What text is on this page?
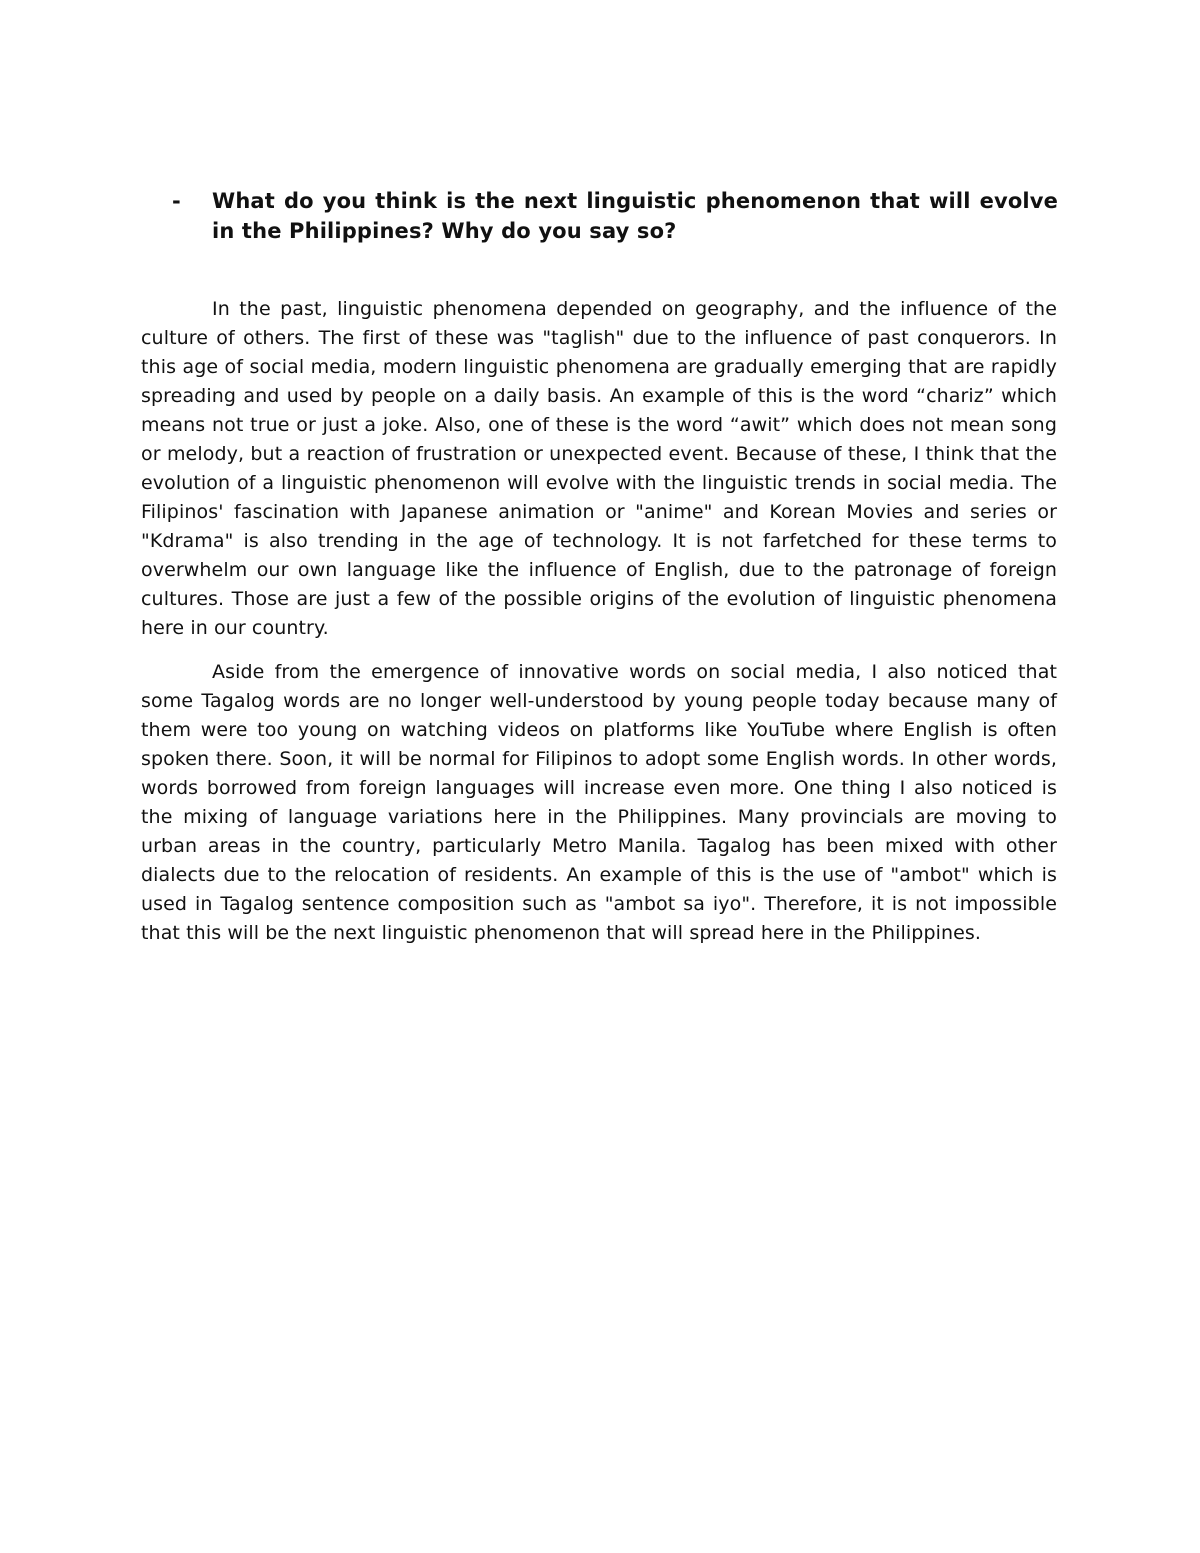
-	What do you think is the next linguistic phenomenon that will evolve in the Philippines? Why do you say so?

In the past, linguistic phenomena depended on geography, and the influence of the culture of others. The first of these was "taglish" due to the influence of past conquerors. In this age of social media, modern linguistic phenomena are gradually emerging that are rapidly spreading and used by people on a daily basis. An example of this is the word “chariz” which means not true or just a joke. Also, one of these is the word “awit” which does not mean song or melody, but a reaction of frustration or unexpected event. Because of these, I think that the evolution of a linguistic phenomenon will evolve with the linguistic trends in social media. The Filipinos' fascination with Japanese animation or "anime" and Korean Movies and series or "Kdrama" is also trending in the age of technology. It is not farfetched for these terms to overwhelm our own language like the influence of English, due to the patronage of foreign cultures. Those are just a few of the possible origins of the evolution of linguistic phenomena here in our country.

Aside from the emergence of innovative words on social media, I also noticed that some Tagalog words are no longer well-understood by young people today because many of them were too young on watching videos on platforms like YouTube where English is often spoken there. Soon, it will be normal for Filipinos to adopt some English words. In other words, words borrowed from foreign languages will increase even more. One thing I also noticed is the mixing of language variations here in the Philippines. Many provincials are moving to urban areas in the country, particularly Metro Manila. Tagalog has been mixed with other dialects due to the relocation of residents. An example of this is the use of "ambot" which is used in Tagalog sentence composition such as "ambot sa iyo". Therefore, it is not impossible that this will be the next linguistic phenomenon that will spread here in the Philippines.
